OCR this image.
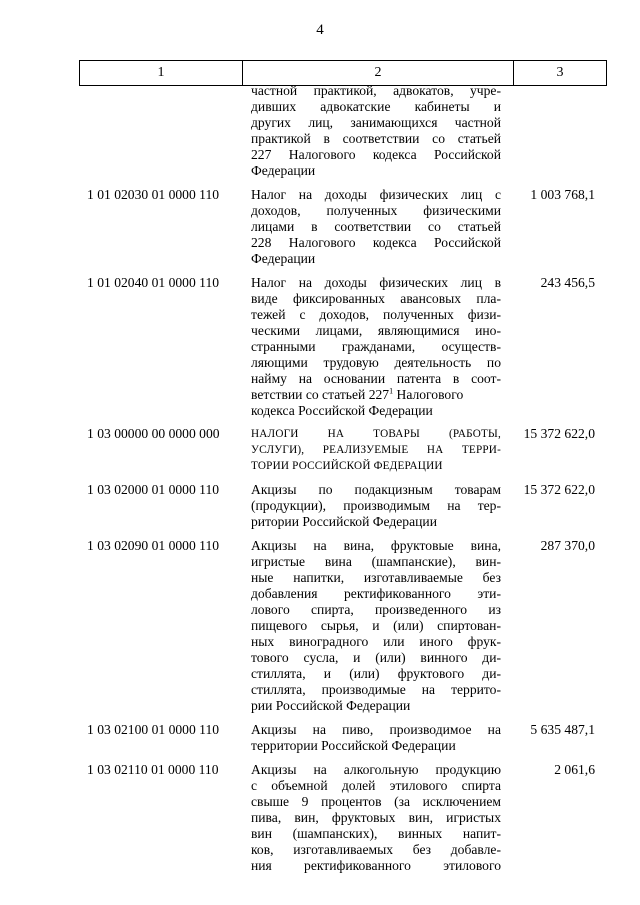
4
1	2	3
частной практикой, адвокатов, учре-
дивших адвокатские кабинеты и
других лиц, занимающихся частной
практикой в соответствии со статьей
227 Налогового кодекса Российской
Федерации
1 01 02030 01 0000 110	Налог на доходы физических лиц с
доходов, полученных физическими
лицами в соответствии со статьей
228 Налогового кодекса Российской
Федерации
1 003 768,1
1 01 02040 01 0000 110	Налог на доходы физических лиц в
виде фиксированных авансовых пла-
тежей с доходов, полученных физи-
ческими лицами, являющимися ино-
странными гражданами, осуществ-
ляющими трудовую деятельность по
найму на основании патента в соот-
ветствии со статьей $227^1$ Налогового
кодекса Российской Федерации
243 456,5
1 03 00000 00 0000 000	НАЛОГИ НА ТОВАРЫ (РАБОТЫ,
УСЛУГИ), РЕАЛИЗУЕМЫЕ НА ТЕРРИ-
ТОРИИ РОССИЙСКОЙ ФЕДЕРАЦИИ
15 372 622,0
1 03 02000 01 0000 110	Акцизы по подакцизным товарам
(продукции), производимым на тер-
ритории Российской Федерации
15 372 622,0
1 03 02090 01 0000 110	Акцизы на вина, фруктовые вина,
игристые вина (шампанские), вин-
ные напитки, изготавливаемые без
добавления ректификованного эти-
лового спирта, произведенного из
пищевого сырья, и (или) спиртован-
ных виноградного или иного фрук-
тового сусла, и (или) винного ди-
стиллята, и (или) фруктового ди-
стиллята, производимые на террито-
рии Российской Федерации
287 370,0
1 03 02100 01 0000 110	Акцизы на пиво, производимое на
территории Российской Федерации
5 635 487,1
1 03 02110 01 0000 110	Акцизы на алкогольную продукцию
с объемной долей этилового спирта
свыше 9 процентов (за исключением
пива, вин, фруктовых вин, игристых
вин (шампанских), винных напит-
ков, изготавливаемых без добавле-
ния ректификованного этилового
2 061,6
